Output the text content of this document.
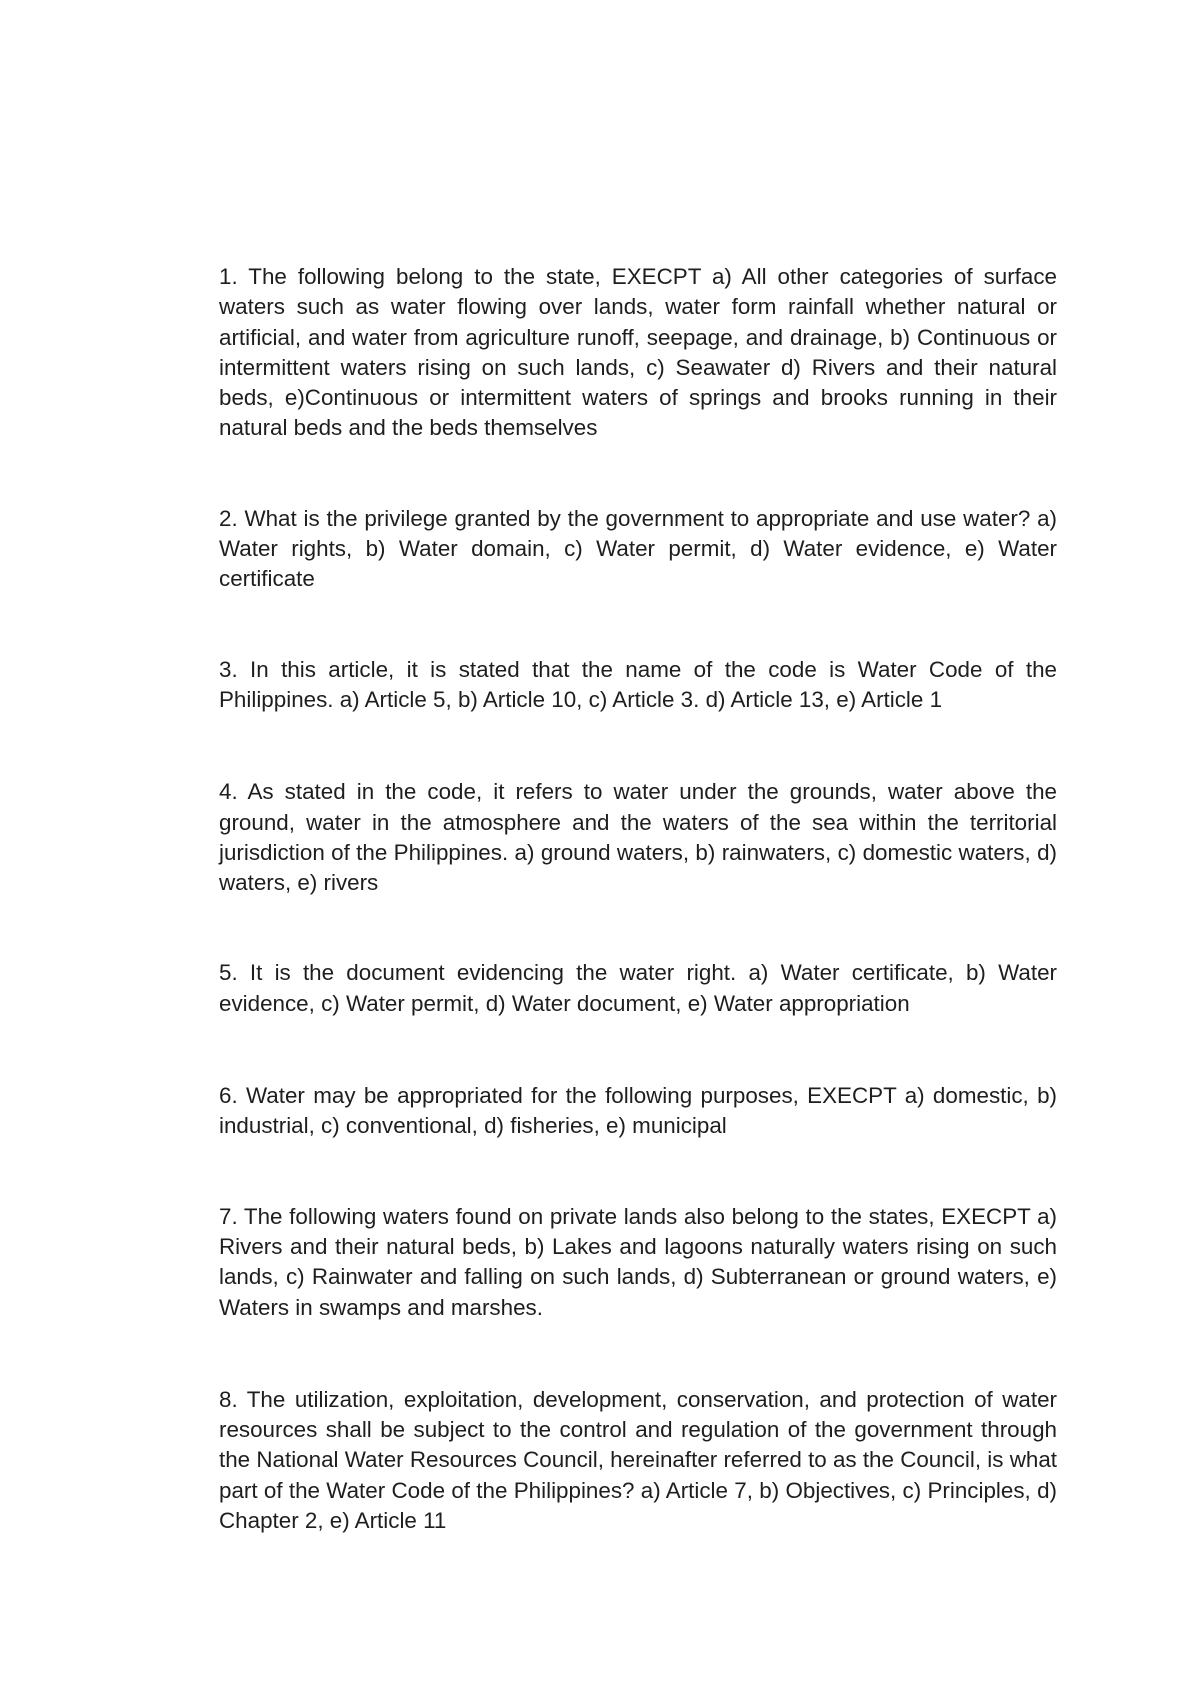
1. The following belong to the state, EXECPT a) All other categories of surface waters such as water flowing over lands, water form rainfall whether natural or artificial, and water from agriculture runoff, seepage, and drainage, b) Continuous or intermittent waters rising on such lands, c) Seawater d) Rivers and their natural beds, e)Continuous or intermittent waters of springs and brooks running in their natural beds and the beds themselves

2. What is the privilege granted by the government to appropriate and use water? a) Water rights, b) Water domain, c) Water permit, d) Water evidence, e) Water certificate

3. In this article, it is stated that the name of the code is Water Code of the Philippines. a) Article 5, b) Article 10, c) Article 3. d) Article 13, e) Article 1

4. As stated in the code, it refers to water under the grounds, water above the ground, water in the atmosphere and the waters of the sea within the territorial jurisdiction of the Philippines. a) ground waters, b) rainwaters, c) domestic waters, d) waters, e) rivers

5. It is the document evidencing the water right. a) Water certificate, b) Water evidence, c) Water permit, d) Water document, e) Water appropriation

6. Water may be appropriated for the following purposes, EXECPT a) domestic, b) industrial, c) conventional, d) fisheries, e) municipal

7. The following waters found on private lands also belong to the states, EXECPT a) Rivers and their natural beds, b) Lakes and lagoons naturally waters rising on such lands, c) Rainwater and falling on such lands, d) Subterranean or ground waters, e) Waters in swamps and marshes.

8. The utilization, exploitation, development, conservation, and protection of water resources shall be subject to the control and regulation of the government through the National Water Resources Council, hereinafter referred to as the Council, is what part of the Water Code of the Philippines? a) Article 7, b) Objectives, c) Principles, d) Chapter 2, e) Article 11
